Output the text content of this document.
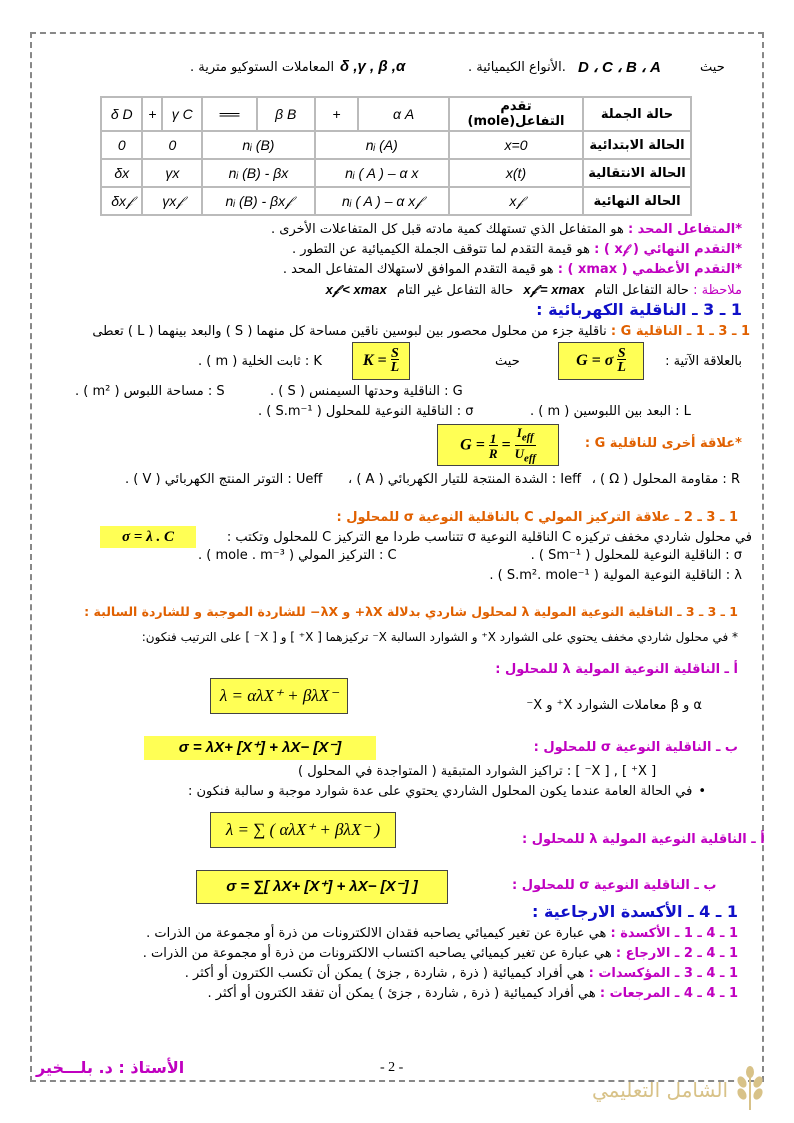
حيث
D ، C ، B ، A
.الأنواع الكيميائية .
δ ,γ , β ,α
المعاملات الستوكيو مترية .
δ D	+	γ C	══	β B	+	α A	تقدم التفاعل(mole)	حالة الجملة
0	0		nᵢ (B)		nᵢ (A)		x=0	الحالة الابتدائية
δx	γx		nᵢ (B) - βx		nᵢ ( A ) – α x		x(t)	الحالة الانتقالية
δx𝒻	γx𝒻		nᵢ (B) - βx𝒻		nᵢ ( A ) – α x𝒻		x𝒻	الحالة النهائية
*المتفاعل المحد : هو المتفاعل الذي تستهلك كمية مادته قبل كل المتفاعلات الأخرى .
*التقدم النهائي ( x𝒻 ) : هو قيمة التقدم لما تتوقف الجملة الكيميائية عن التطور .
*التقدم الأعظمي ( xmax ) : هو قيمة التقدم الموافق لاستهلاك المتفاعل المحد .
ملاحظة : حالة التفاعل التام x𝒻 = xmax حالة التفاعل غير التام x𝒻 < xmax
1 ـ 3 ـ الناقلية الكهربائية :
1 ـ 3 ـ 1 ـ الناقلية G : ناقلية جزء من محلول محصور بين لبوسين ناقين مساحة كل منهما ( S ) والبعد بينهما ( L ) تعطى
بالعلاقة الآتية :
G = σ S
L
حيث
K = S
L
K : ثابت الخلية ( m ) .
G : الناقلية وحدتها السيمنس ( S ) .
S : مساحة اللبوس ( m² ) .
L : البعد بين اللبوسين ( m ) .
σ : الناقلية النوعية للمحلول ( S.m⁻¹ ) .
*علاقة أخرى للناقلية G :
G = 1
$R = I_{eff}$
$U_{eff}$
R : مقاومة المحلول ( Ω ) ،
Ieff : الشدة المنتجة للتيار الكهربائي ( A ) ،
Ueff : التوتر المنتج الكهربائي ( V ) .
1 ـ 3 ـ 2 ـ علاقة التركيز المولي C بالناقلية النوعية σ للمحلول :
في محلول شاردي مخفف تركيزه C الناقلية النوعية σ تتناسب طردا مع التركيز C للمحلول وتكتب :
σ = λ . C
σ : الناقلية النوعية للمحلول ( Sm⁻¹ ) .
C : التركيز المولي ( mole . m⁻³ ) .
λ : الناقلية النوعية المولية ( S.m². mole⁻¹ ) .
1 ـ 3 ـ 3 ـ الناقلية النوعية المولية λ لمحلول شاردي بدلالة λX+ و λX− للشاردة الموجبة و للشاردة السالبة :
* في محلول شاردي مخفف يحتوي على الشوارد X⁺ و الشوارد السالبة X⁻ تركيزهما [ X⁺ ] و [ X⁻ ] على الترتيب فنكون:
أ ـ الناقلية النوعية المولية λ للمحلول :
λ = αλX⁺ + βλX⁻
α و β معاملات الشوارد X⁺ و X⁻
ب ـ الناقلية النوعية σ للمحلول :
σ = λX+ [X⁺] + λX− [X⁻]
[ X⁺ ] , [ X⁻ ] : تراكيز الشوارد المتبقية ( المتواجدة في المحلول )
• في الحالة العامة عندما يكون المحلول الشاردي يحتوي على عدة شوارد موجبة و سالبة فنكون :
λ = ∑ ( αλX⁺ + βλX⁻ )
أ ـ الناقلية النوعية المولية λ للمحلول :
σ = ∑[ λX+ [X⁺] + λX− [X⁻] ]	ب ـ الناقلية النوعية σ للمحلول :
1 ـ 4 ـ الأكسدة الارجاعية :
1 ـ 4 ـ 1 ـ الأكسدة : هي عبارة عن تغير كيميائي يصاحبه فقدان الالكترونات من ذرة أو مجموعة من الذرات .
1 ـ 4 ـ 2 ـ الارجاع : هي عبارة عن تغير كيميائي يصاحبه اكتساب الالكترونات من ذرة أو مجموعة من الذرات .
1 ـ 4 ـ 3 ـ المؤكسدات : هي أفراد كيميائية ( ذرة , شاردة , جزئ ) يمكن أن تكسب الكترون أو أكثر .
1 ـ 4 ـ 4 ـ المرجعات : هي أفراد كيميائية ( ذرة , شاردة , جزئ ) يمكن أن تفقد الكترون أو أكثر .
- 2 -
الأستاذ : د. بلـــخير
الشامل التعليمي
